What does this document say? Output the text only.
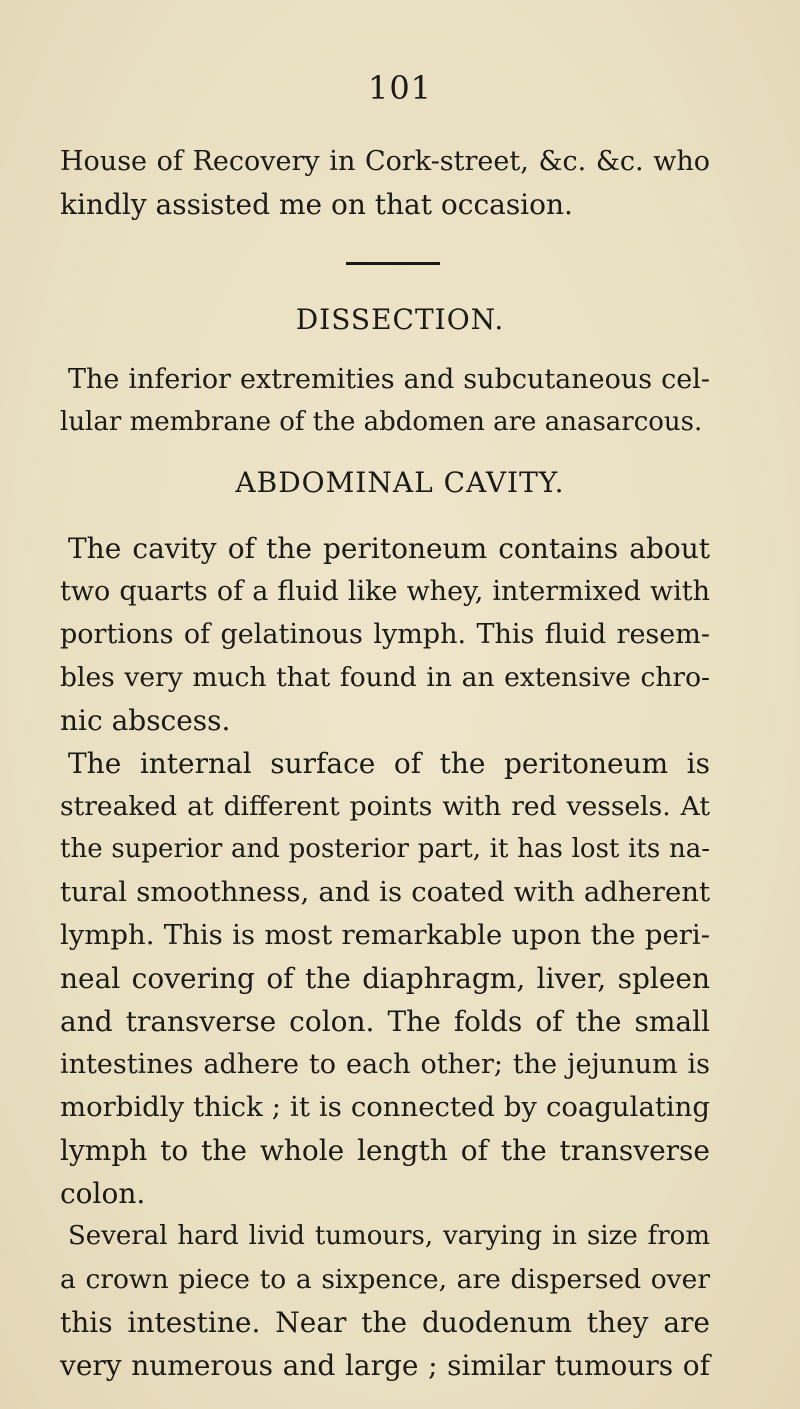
101
House of Recovery in Cork-street, &c. &c. who
kindly assisted me on that occasion.
DISSECTION.
The inferior extremities and subcutaneous cel-
lular membrane of the abdomen are anasarcous.
ABDOMINAL CAVITY.
The cavity of the peritoneum contains about
two quarts of a fluid like whey, intermixed with
portions of gelatinous lymph. This fluid resem-
bles very much that found in an extensive chro-
nic abscess.
The internal surface of the peritoneum is
streaked at different points with red vessels. At
the superior and posterior part, it has lost its na-
tural smoothness, and is coated with adherent
lymph. This is most remarkable upon the peri-
neal covering of the diaphragm, liver, spleen
and transverse colon. The folds of the small
intestines adhere to each other; the jejunum is
morbidly thick ; it is connected by coagulating
lymph to the whole length of the transverse
colon.
Several hard livid tumours, varying in size from
a crown piece to a sixpence, are dispersed over
this intestine. Near the duodenum they are
very numerous and large ; similar tumours of
